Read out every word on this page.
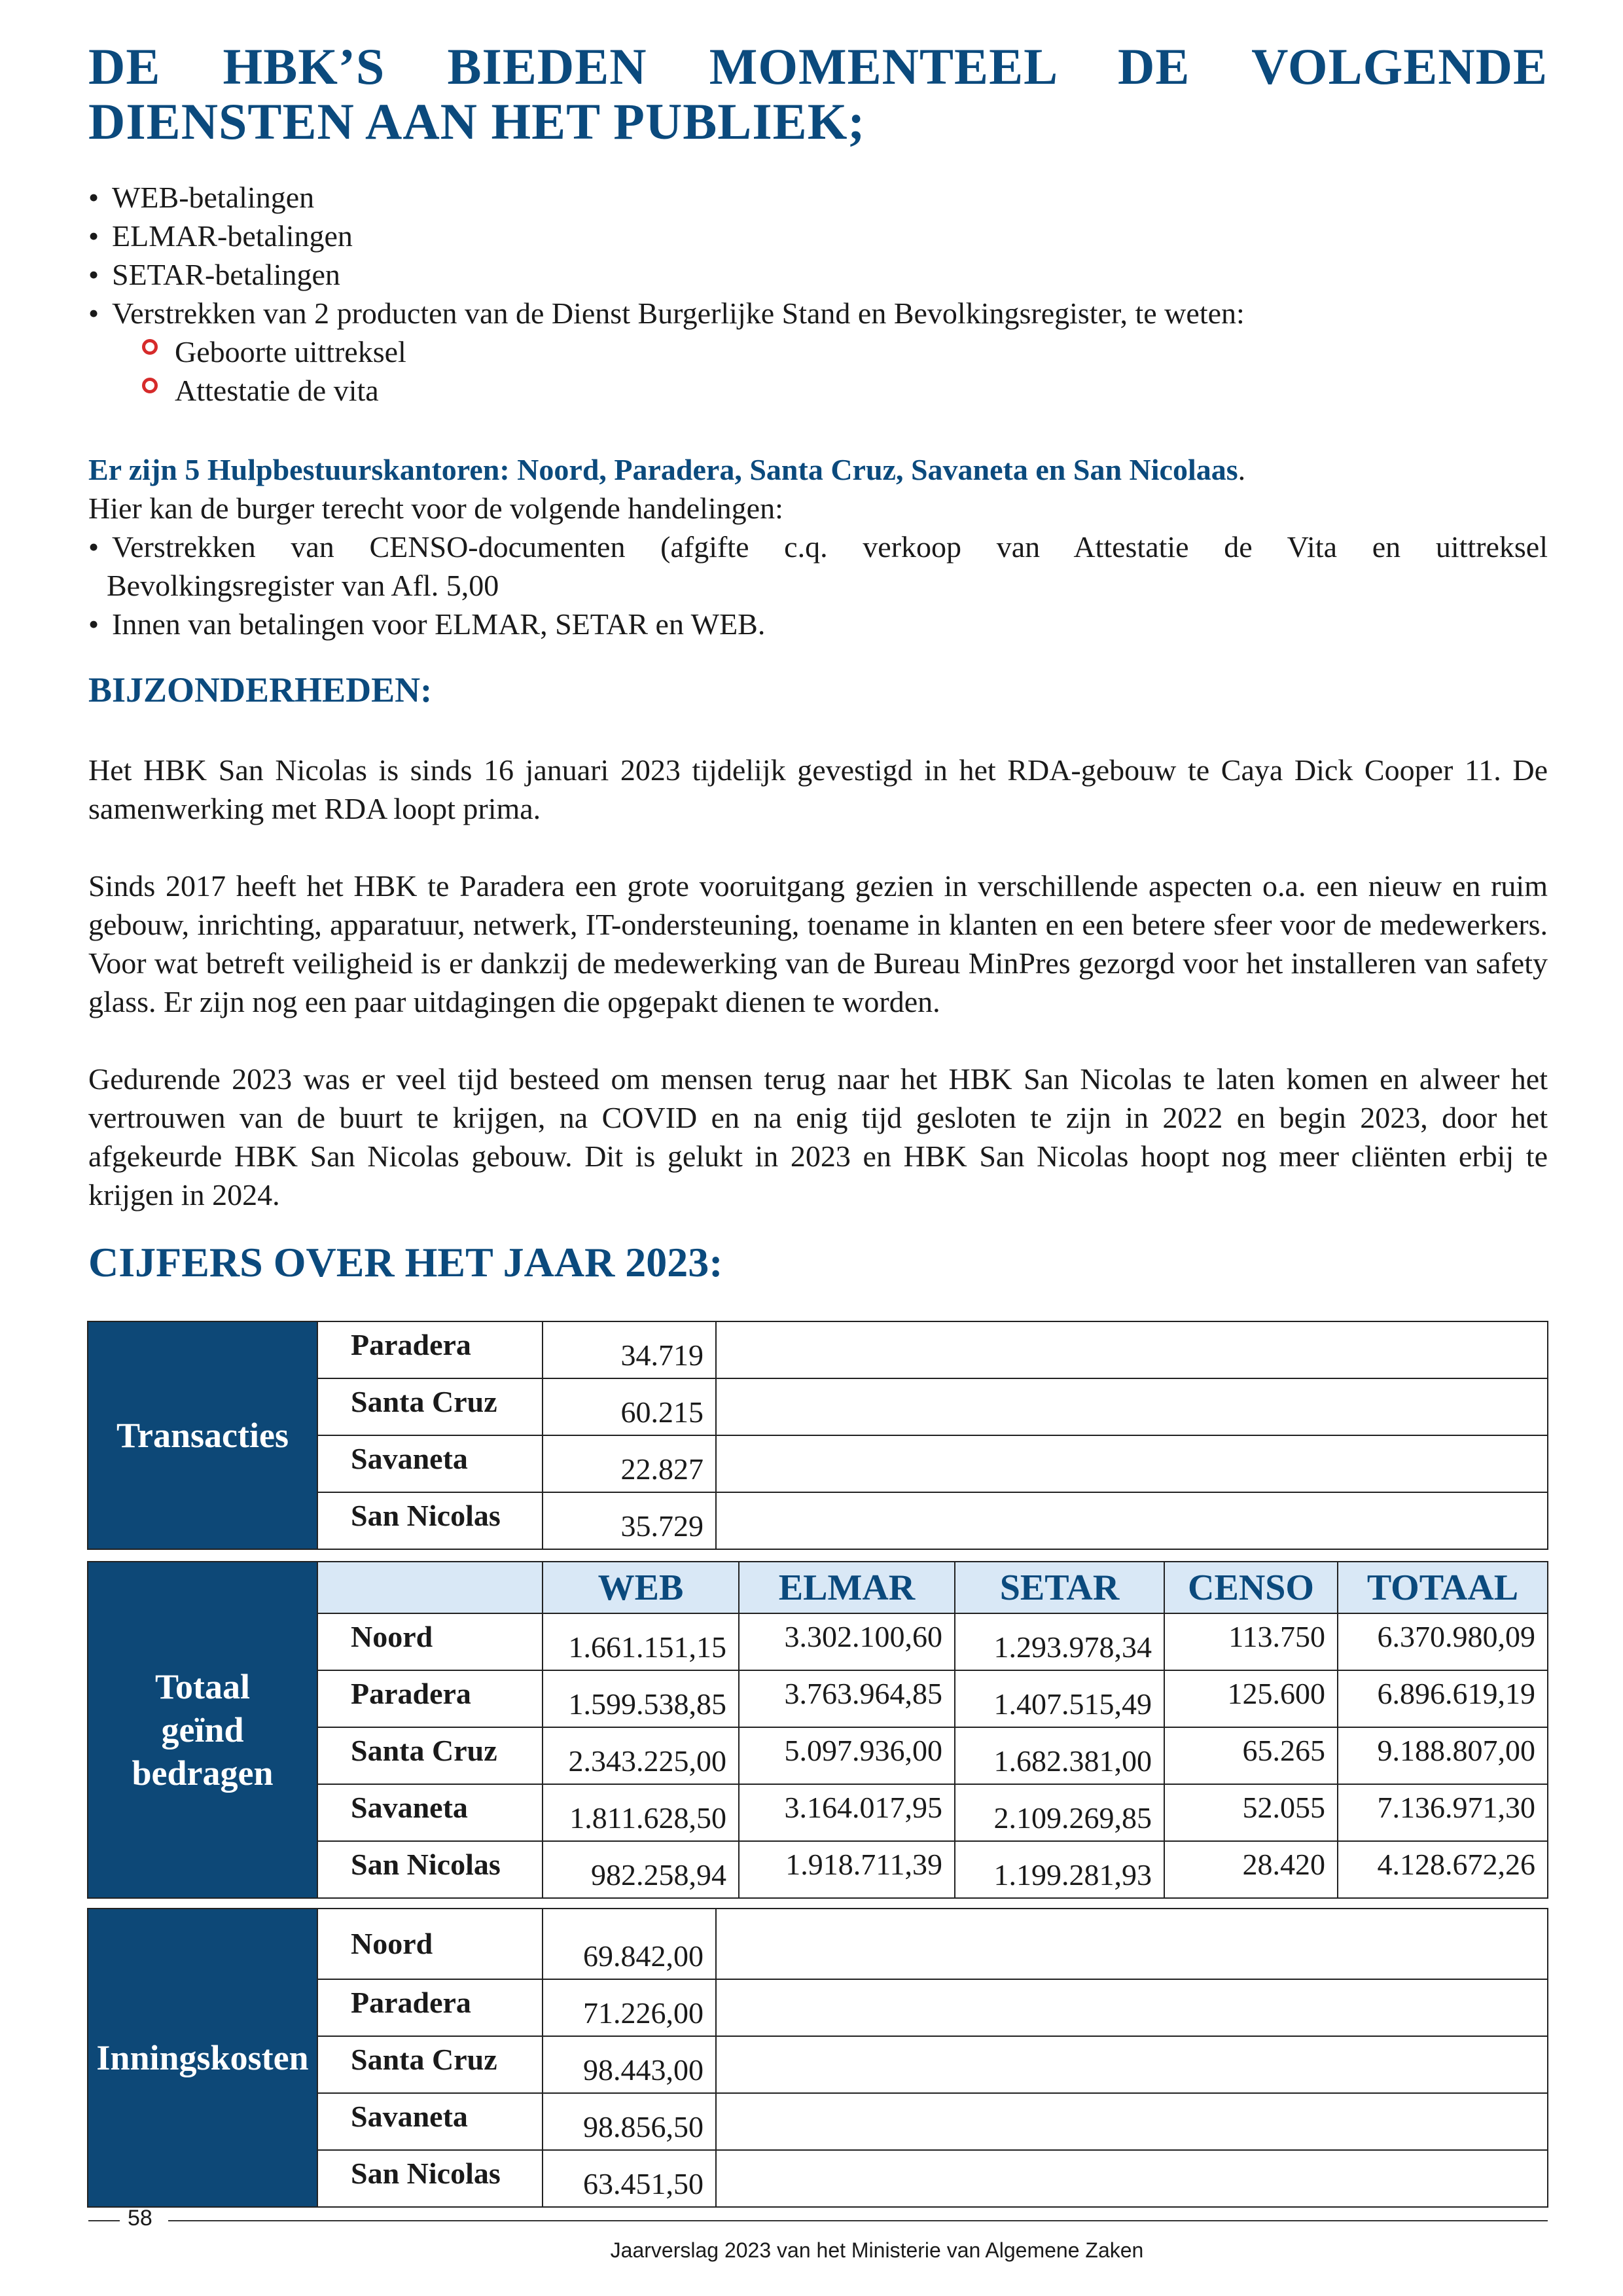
DE HBK’S BIEDEN MOMENTEEL DE VOLGENDE DIENSTEN AAN HET PUBLIEK;
• WEB-betalingen
• ELMAR-betalingen
• SETAR-betalingen
• Verstrekken van 2 producten van de Dienst Burgerlijke Stand en Bevolkingsregister, te weten:
Geboorte uittreksel
Attestatie de vita
Er zijn 5 Hulpbestuurskantoren: Noord, Paradera, Santa Cruz, Savaneta en San Nicolaas.
Hier kan de burger terecht voor de volgende handelingen:
• Verstrekken van CENSO-documenten (afgifte c.q. verkoop van Attestatie de Vita en uittreksel
Bevolkingsregister van Afl. 5,00
• Innen van betalingen voor ELMAR, SETAR en WEB.
BIJZONDERHEDEN:

Het HBK San Nicolas is sinds 16 januari 2023 tijdelijk gevestigd in het RDA-gebouw te Caya Dick Cooper 11. De samenwerking met RDA loopt prima.

Sinds 2017 heeft het HBK te Paradera een grote vooruitgang gezien in verschillende aspecten o.a. een nieuw en ruim gebouw, inrichting, apparatuur, netwerk, IT-ondersteuning, toename in klanten en een betere sfeer voor de medewerkers. Voor wat betreft veiligheid is er dankzij de medewerking van de Bureau MinPres gezorgd voor het installeren van safety glass. Er zijn nog een paar uitdagingen die opgepakt dienen te worden.

Gedurende 2023 was er veel tijd besteed om mensen terug naar het HBK San Nicolas te laten komen en alweer het vertrouwen van de buurt te krijgen, na COVID en na enig tijd gesloten te zijn in 2022 en begin 2023, door het afgekeurde HBK San Nicolas gebouw. Dit is gelukt in 2023 en HBK San Nicolas hoopt nog meer cliënten erbij te krijgen in 2024.

CIJFERS OVER HET JAAR 2023:
Transacties	Paradera	34.719	
	Santa Cruz	60.215	
	Savaneta	22.827	
	San Nicolas	35.729	
Totaal
geïnd
bedragen		WEB	ELMAR	SETAR	CENSO	TOTAAL
	Noord	1.661.151,15	3.302.100,60	1.293.978,34	113.750	6.370.980,09
	Paradera	1.599.538,85	3.763.964,85	1.407.515,49	125.600	6.896.619,19
	Santa Cruz	2.343.225,00	5.097.936,00	1.682.381,00	65.265	9.188.807,00
	Savaneta	1.811.628,50	3.164.017,95	2.109.269,85	52.055	7.136.971,30
	San Nicolas	982.258,94	1.918.711,39	1.199.281,93	28.420	4.128.672,26
Inningskosten	Noord	69.842,00	
	Paradera	71.226,00	
	Santa Cruz	98.443,00	
	Savaneta	98.856,50	
	San Nicolas	63.451,50	
58
Jaarverslag 2023 van het Ministerie van Algemene Zaken
